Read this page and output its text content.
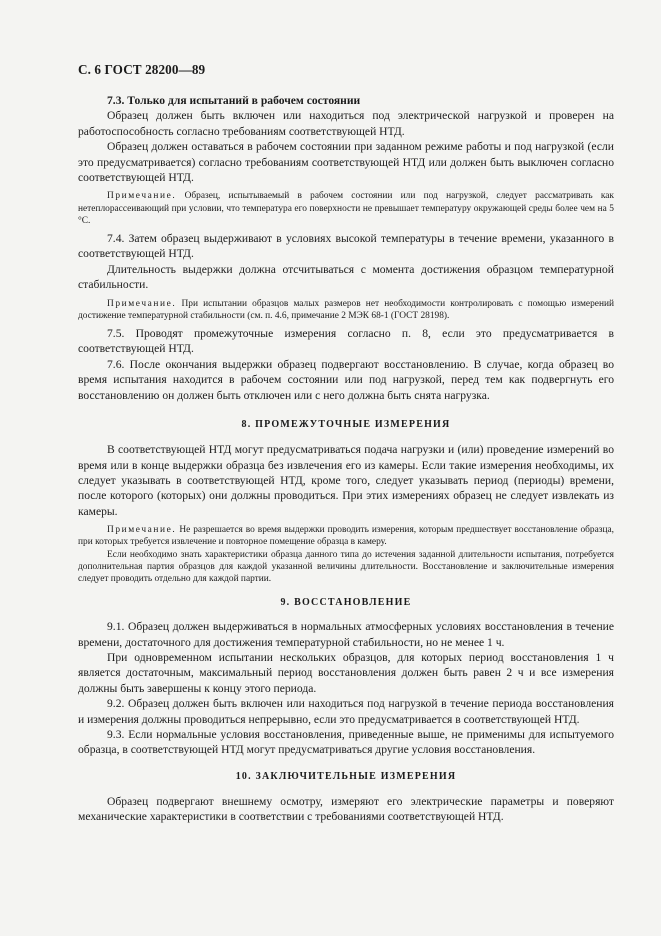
С. 6 ГОСТ 28200—89

7.3. Только для испытаний в рабочем состоянии

Образец должен быть включен или находиться под электрической нагрузкой и проверен на работоспособность согласно требованиям соответствующей НТД.

Образец должен оставаться в рабочем состоянии при заданном режиме работы и под нагрузкой (если это предусматривается) согласно требованиям соответствующей НТД или должен быть выключен согласно соответствующей НТД.

Примечание. Образец, испытываемый в рабочем состоянии или под нагрузкой, следует рассматривать как нетеплорассеивающий при условии, что температура его поверхности не превышает температуру окружающей среды более чем на 5 °С.

7.4. Затем образец выдерживают в условиях высокой температуры в течение времени, указанного в соответствующей НТД.

Длительность выдержки должна отсчитываться с момента достижения образцом температурной стабильности.

Примечание. При испытании образцов малых размеров нет необходимости контролировать с помощью измерений достижение температурной стабильности (см. п. 4.6, примечание 2 МЭК 68-1 (ГОСТ 28198).

7.5. Проводят промежуточные измерения согласно п. 8, если это предусматривается в соответствующей НТД.

7.6. После окончания выдержки образец подвергают восстановлению. В случае, когда образец во время испытания находится в рабочем состоянии или под нагрузкой, перед тем как подвергнуть его восстановлению он должен быть отключен или с него должна быть снята нагрузка.

8. ПРОМЕЖУТОЧНЫЕ ИЗМЕРЕНИЯ

В соответствующей НТД могут предусматриваться подача нагрузки и (или) проведение измерений во время или в конце выдержки образца без извлечения его из камеры. Если такие измерения необходимы, их следует указывать в соответствующей НТД, кроме того, следует указывать период (периоды) времени, после которого (которых) они должны проводиться. При этих измерениях образец не следует извлекать из камеры.

Примечание. Не разрешается во время выдержки проводить измерения, которым предшествует восстановление образца, при которых требуется извлечение и повторное помещение образца в камеру.

Если необходимо знать характеристики образца данного типа до истечения заданной длительности испытания, потребуется дополнительная партия образцов для каждой указанной величины длительности. Восстановление и заключительные измерения следует проводить отдельно для каждой партии.

9. ВОССТАНОВЛЕНИЕ

9.1. Образец должен выдерживаться в нормальных атмосферных условиях восстановления в течение времени, достаточного для достижения температурной стабильности, но не менее 1 ч.

При одновременном испытании нескольких образцов, для которых период восстановления 1 ч является достаточным, максимальный период восстановления должен быть равен 2 ч и все измерения должны быть завершены к концу этого периода.

9.2. Образец должен быть включен или находиться под нагрузкой в течение периода восстановления и измерения должны проводиться непрерывно, если это предусматривается в соответствующей НТД.

9.3. Если нормальные условия восстановления, приведенные выше, не применимы для испытуемого образца, в соответствующей НТД могут предусматриваться другие условия восстановления.

10. ЗАКЛЮЧИТЕЛЬНЫЕ ИЗМЕРЕНИЯ

Образец подвергают внешнему осмотру, измеряют его электрические параметры и поверяют механические характеристики в соответствии с требованиями соответствующей НТД.
